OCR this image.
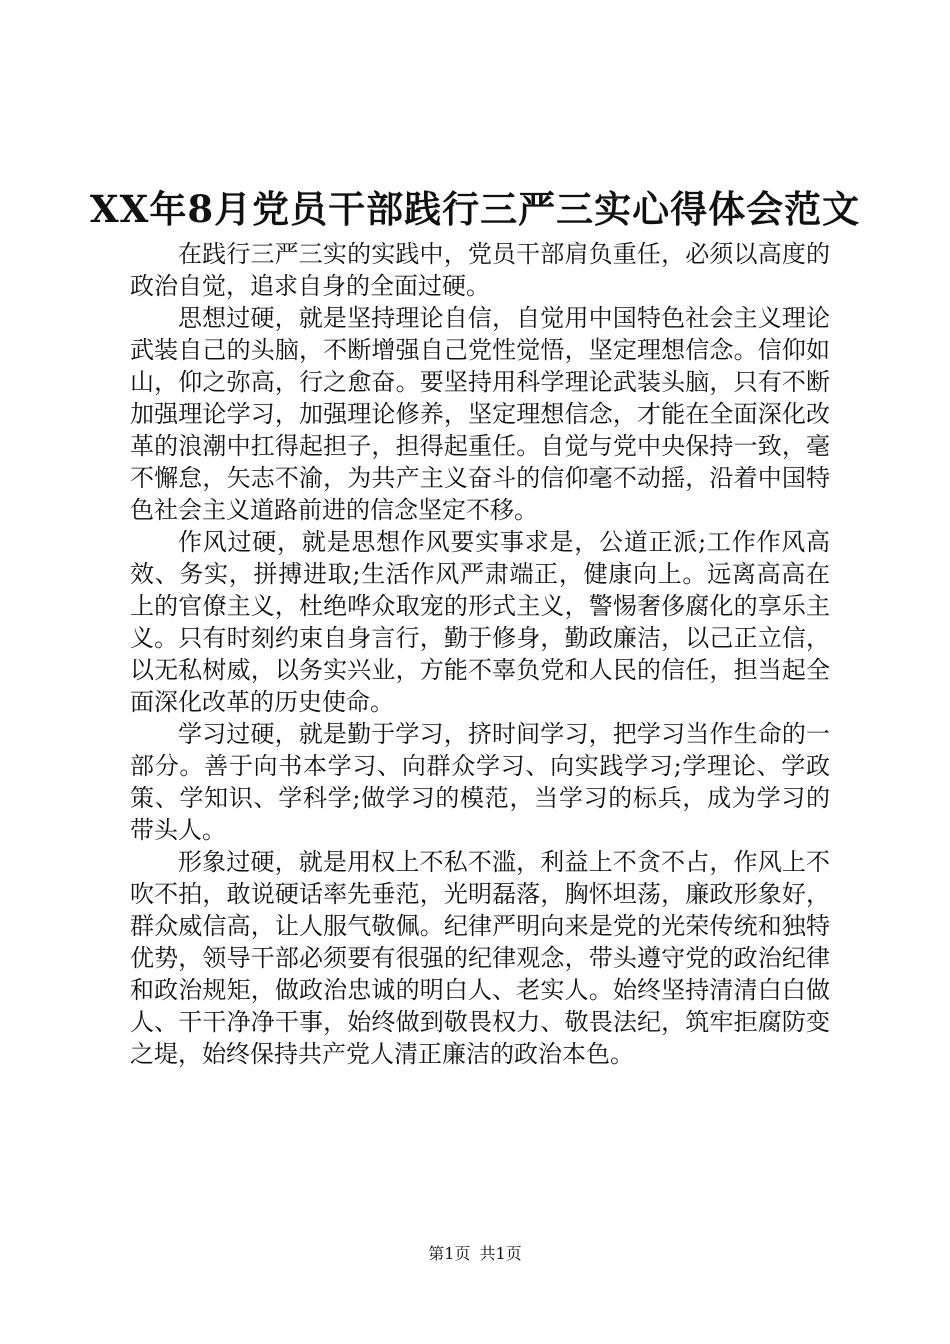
XX年8月党员干部践行三严三实心得体会范文

在践行三严三实的实践中，党员干部肩负重任，必须以高度的政治自觉，追求自身的全面过硬。

思想过硬，就是坚持理论自信，自觉用中国特色社会主义理论武装自己的头脑，不断增强自己党性觉悟，坚定理想信念。信仰如山，仰之弥高，行之愈奋。要坚持用科学理论武装头脑，只有不断加强理论学习，加强理论修养，坚定理想信念，才能在全面深化改革的浪潮中扛得起担子，担得起重任。自觉与党中央保持一致，毫不懈怠，矢志不渝，为共产主义奋斗的信仰毫不动摇，沿着中国特色社会主义道路前进的信念坚定不移。

作风过硬，就是思想作风要实事求是，公道正派;工作作风高效、务实，拼搏进取;生活作风严肃端正，健康向上。远离高高在上的官僚主义，杜绝哗众取宠的形式主义，警惕奢侈腐化的享乐主义。只有时刻约束自身言行，勤于修身，勤政廉洁，以己正立信，以无私树威，以务实兴业，方能不辜负党和人民的信任，担当起全面深化改革的历史使命。

学习过硬，就是勤于学习，挤时间学习，把学习当作生命的一部分。善于向书本学习、向群众学习、向实践学习;学理论、学政策、学知识、学科学;做学习的模范，当学习的标兵，成为学习的带头人。

形象过硬，就是用权上不私不滥，利益上不贪不占，作风上不吹不拍，敢说硬话率先垂范，光明磊落，胸怀坦荡，廉政形象好，群众威信高，让人服气敬佩。纪律严明向来是党的光荣传统和独特优势，领导干部必须要有很强的纪律观念，带头遵守党的政治纪律和政治规矩，做政治忠诚的明白人、老实人。始终坚持清清白白做人、干干净净干事，始终做到敬畏权力、敬畏法纪，筑牢拒腐防变之堤，始终保持共产党人清正廉洁的政治本色。

第1页 共1页
